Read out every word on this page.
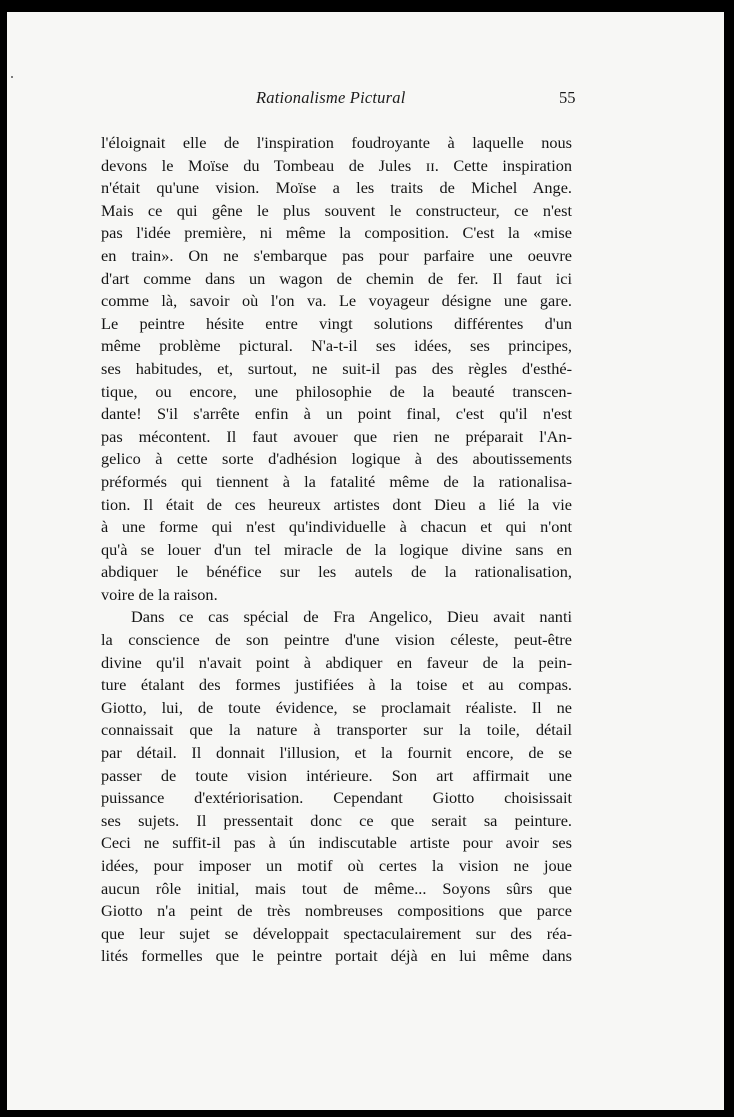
Rationalisme Pictural	55
l'éloignait elle de l'inspiration foudroyante à laquelle nous
devons le Moïse du Tombeau de Jules ɪɪ. Cette inspiration
n'était qu'une vision. Moïse a les traits de Michel Ange.
Mais ce qui gêne le plus souvent le constructeur, ce n'est
pas l'idée première, ni même la composition. C'est la «mise
en train». On ne s'embarque pas pour parfaire une oeuvre
d'art comme dans un wagon de chemin de fer. Il faut ici
comme là, savoir où l'on va. Le voyageur désigne une gare.
Le peintre hésite entre vingt solutions différentes d'un
même problème pictural. N'a-t-il ses idées, ses principes,
ses habitudes, et, surtout, ne suit-il pas des règles d'esthé-
tique, ou encore, une philosophie de la beauté transcen-
dante! S'il s'arrête enfin à un point final, c'est qu'il n'est
pas mécontent. Il faut avouer que rien ne préparait l'An-
gelico à cette sorte d'adhésion logique à des aboutissements
préformés qui tiennent à la fatalité même de la rationalisa-
tion. Il était de ces heureux artistes dont Dieu a lié la vie
à une forme qui n'est qu'individuelle à chacun et qui n'ont
qu'à se louer d'un tel miracle de la logique divine sans en
abdiquer le bénéfice sur les autels de la rationalisation,
voire de la raison.
Dans ce cas spécial de Fra Angelico, Dieu avait nanti
la conscience de son peintre d'une vision céleste, peut-être
divine qu'il n'avait point à abdiquer en faveur de la pein-
ture étalant des formes justifiées à la toise et au compas.
Giotto, lui, de toute évidence, se proclamait réaliste. Il ne
connaissait que la nature à transporter sur la toile, détail
par détail. Il donnait l'illusion, et la fournit encore, de se
passer de toute vision intérieure. Son art affirmait une
puissance d'extériorisation. Cependant Giotto choisissait
ses sujets. Il pressentait donc ce que serait sa peinture.
Ceci ne suffit-il pas à ún indiscutable artiste pour avoir ses
idées, pour imposer un motif où certes la vision ne joue
aucun rôle initial, mais tout de même... Soyons sûrs que
Giotto n'a peint de très nombreuses compositions que parce
que leur sujet se développait spectaculairement sur des réa-
lités formelles que le peintre portait déjà en lui même dans
